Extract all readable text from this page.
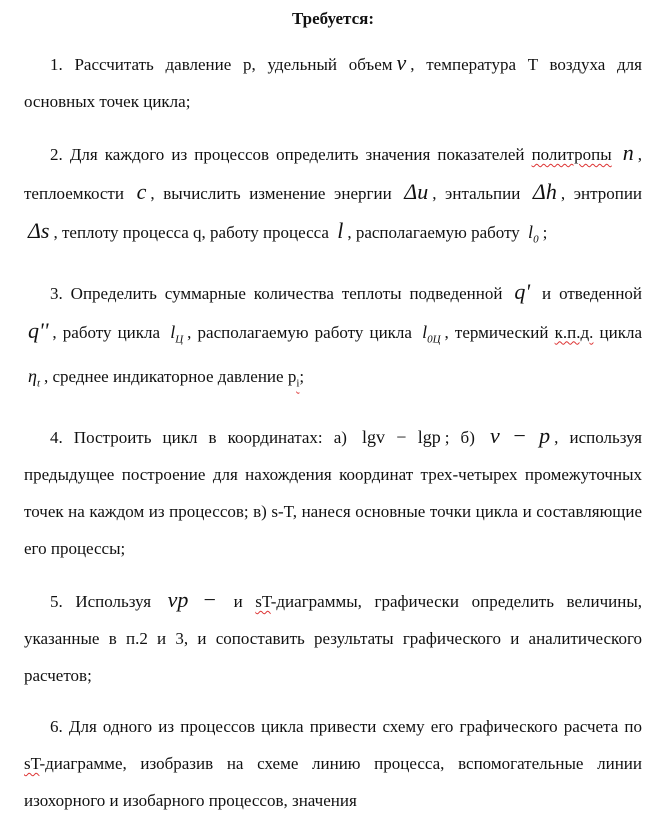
Требуется:

1. Рассчитать давление p, удельный объем v , температура T воздуха для основных точек цикла;

2. Для каждого из процессов определить значения показателей политропы n , теплоемкости c , вычислить изменение энергии Δu , энтальпии Δh , энтропии Δs , теплоту процесса q, работу процесса l , располагаемую работу $l_0$ ;

3. Определить суммарные количества теплоты подведенной q' и отведенной q'' , работу цикла $l_Ц$ , располагаемую работу цикла $l_{0Ц}$ , термический к.п.д. цикла $\eta_t$ , среднее индикаторное давление $p_i$;

4. Построить цикл в координатах: а) lgv − lgp ; б) v − p , используя предыдущее построение для нахождения координат трех-четырех промежуточных точек на каждом из процессов; в) s-T, нанеся основные точки цикла и составляющие его процессы;

5. Используя vp − и sT-диаграммы, графически определить величины, указанные в п.2 и 3, и сопоставить результаты графического и аналитического расчетов;

6. Для одного из процессов цикла привести схему его графического расчета по sT-диаграмме, изобразив на схеме линию процесса, вспомогательные линии изохорного и изобарного процессов, значения
